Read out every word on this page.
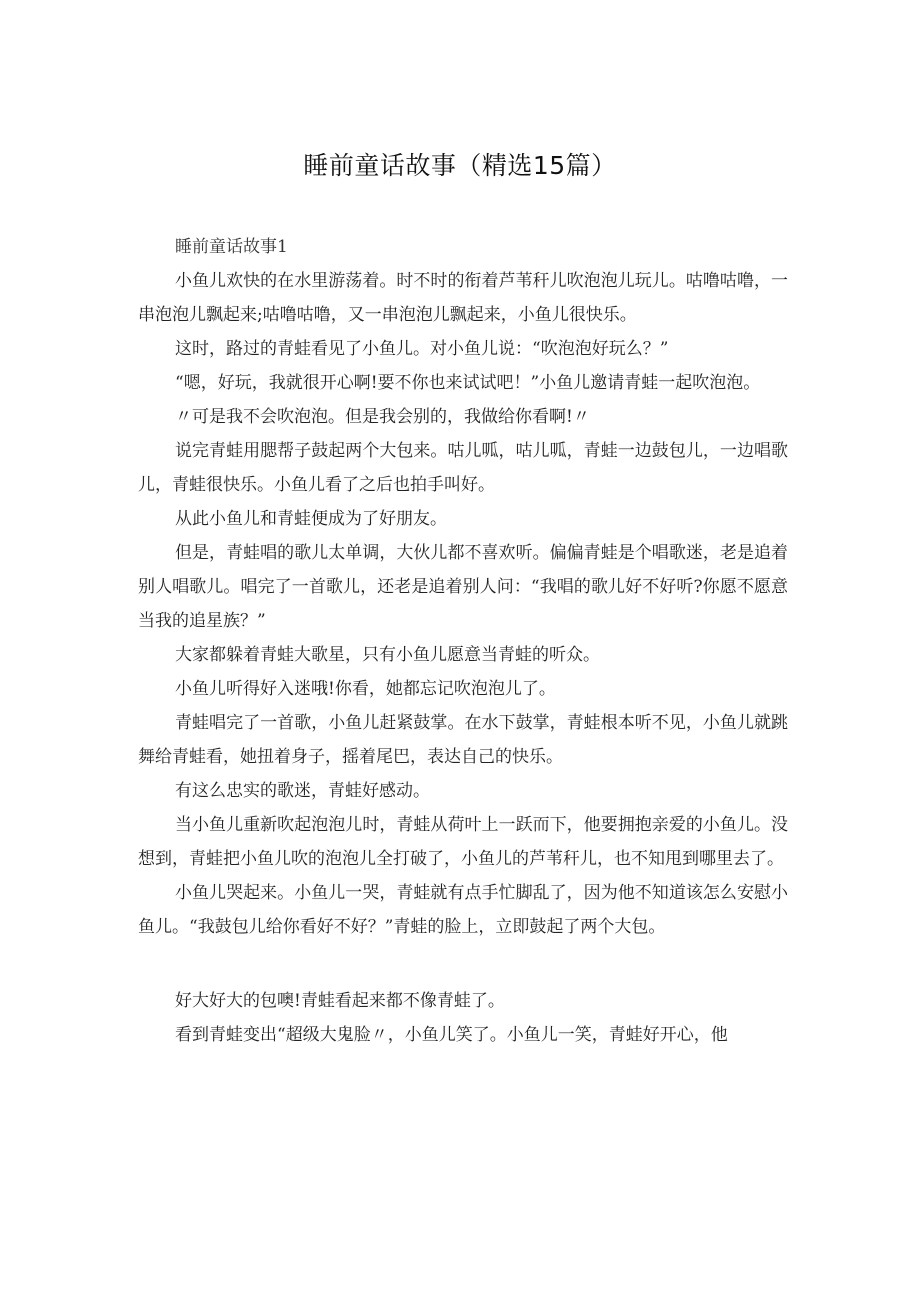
睡前童话故事（精选15篇）

睡前童话故事1

小鱼儿欢快的在水里游荡着。时不时的衔着芦苇秆儿吹泡泡儿玩儿。咕噜咕噜，一串泡泡儿飘起来;咕噜咕噜，又一串泡泡儿飘起来，小鱼儿很快乐。

这时，路过的青蛙看见了小鱼儿。对小鱼儿说：“吹泡泡好玩么？”

“嗯，好玩，我就很开心啊!要不你也来试试吧！”小鱼儿邀请青蛙一起吹泡泡。

〃可是我不会吹泡泡。但是我会别的，我做给你看啊!〃

说完青蛙用腮帮子鼓起两个大包来。咕儿呱，咕儿呱，青蛙一边鼓包儿，一边唱歌儿，青蛙很快乐。小鱼儿看了之后也拍手叫好。

从此小鱼儿和青蛙便成为了好朋友。

但是，青蛙唱的歌儿太单调，大伙儿都不喜欢听。偏偏青蛙是个唱歌迷，老是追着别人唱歌儿。唱完了一首歌儿，还老是追着别人问：“我唱的歌儿好不好听?你愿不愿意当我的追星族？”

大家都躲着青蛙大歌星，只有小鱼儿愿意当青蛙的听众。

小鱼儿听得好入迷哦!你看，她都忘记吹泡泡儿了。

青蛙唱完了一首歌，小鱼儿赶紧鼓掌。在水下鼓掌，青蛙根本听不见，小鱼儿就跳舞给青蛙看，她扭着身子，摇着尾巴，表达自己的快乐。

有这么忠实的歌迷，青蛙好感动。

当小鱼儿重新吹起泡泡儿时，青蛙从荷叶上一跃而下，他要拥抱亲爱的小鱼儿。没想到，青蛙把小鱼儿吹的泡泡儿全打破了，小鱼儿的芦苇秆儿，也不知甩到哪里去了。

小鱼儿哭起来。小鱼儿一哭，青蛙就有点手忙脚乱了，因为他不知道该怎么安慰小鱼儿。“我鼓包儿给你看好不好？”青蛙的脸上，立即鼓起了两个大包。

好大好大的包噢!青蛙看起来都不像青蛙了。

看到青蛙变出“超级大鬼脸〃，小鱼儿笑了。小鱼儿一笑，青蛙好开心，他
